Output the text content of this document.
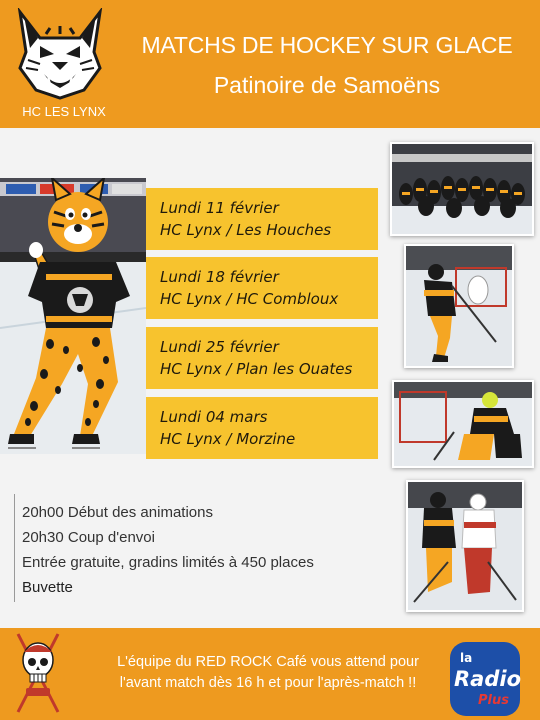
HC LES LYNX
MATCHS DE HOCKEY SUR GLACE
Patinoire de Samoëns
Lundi 11 février
HC Lynx / Les Houches
Lundi 18 février
HC Lynx / HC Combloux
Lundi 25 février
HC Lynx / Plan les Ouates
Lundi 04 mars
HC Lynx / Morzine
20h00 Début des animations
20h30 Coup d'envoi
Entrée gratuite, gradins limités à 450 places
Buvette
L'équipe du RED ROCK Café vous attend pour
l'avant match dès 16 h et pour l'après-match !!
la
Radio
Plus
